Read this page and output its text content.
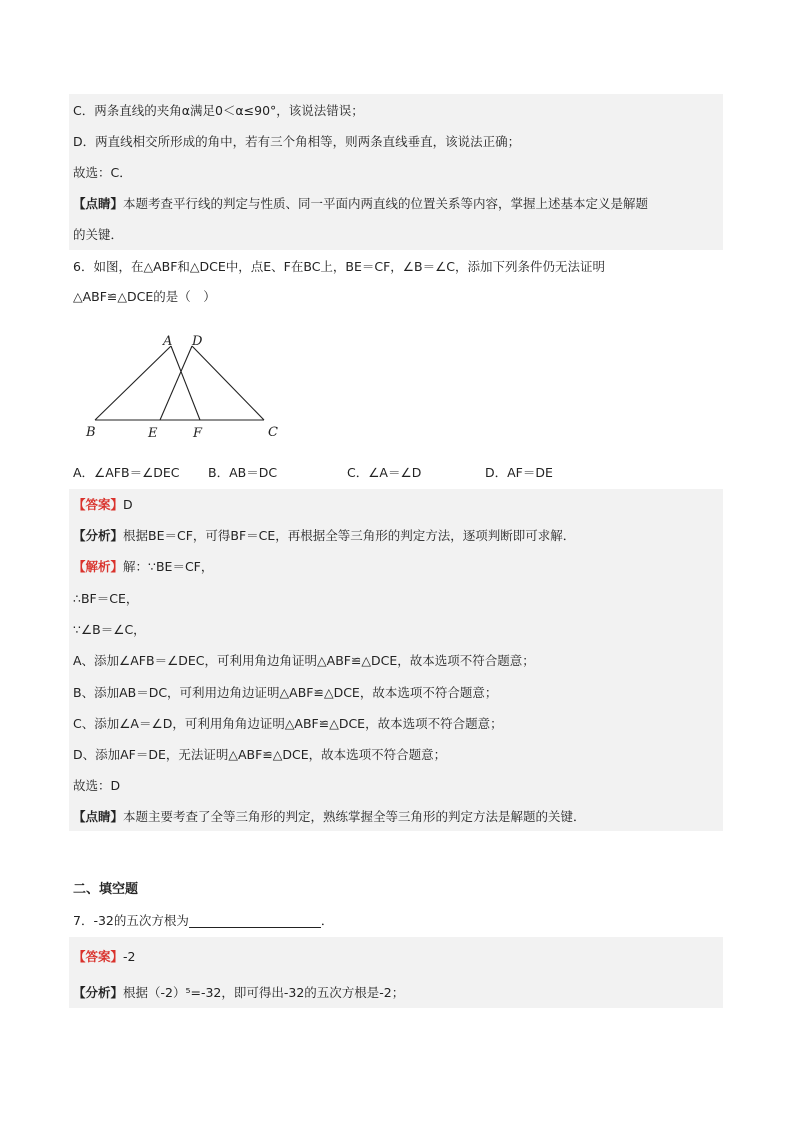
C．两条直线的夹角α满足0＜α≤90°，该说法错误；
D．两直线相交所形成的角中，若有三个角相等，则两条直线垂直，该说法正确；
故选：C．
【点睛】本题考查平行线的判定与性质、同一平面内两直线的位置关系等内容，掌握上述基本定义是解题
的关键．
6．如图，在△ABF和△DCE中，点E、F在BC上，BE＝CF，∠B＝∠C，添加下列条件仍无法证明
△ABF≌△DCE的是（　）
A D
B	E	F	C
A．∠AFB＝∠DEC B．AB＝DC	C．∠A＝∠D	D．AF＝DE
【答案】D
【分析】根据BE＝CF，可得BF＝CE，再根据全等三角形的判定方法，逐项判断即可求解．
【解析】解：∵BE＝CF，
∴BF＝CE，
∵∠B＝∠C，
A、添加∠AFB＝∠DEC，可利用角边角证明△ABF≌△DCE，故本选项不符合题意；
B、添加AB＝DC，可利用边角边证明△ABF≌△DCE，故本选项不符合题意；
C、添加∠A＝∠D，可利用角角边证明△ABF≌△DCE，故本选项不符合题意；
D、添加AF＝DE，无法证明△ABF≌△DCE，故本选项不符合题意；
故选：D
【点睛】本题主要考查了全等三角形的判定，熟练掌握全等三角形的判定方法是解题的关键．
二、填空题
7．-32的五次方根为	．
【答案】-2
【分析】根据（-2）⁵=-32，即可得出-32的五次方根是-2；
